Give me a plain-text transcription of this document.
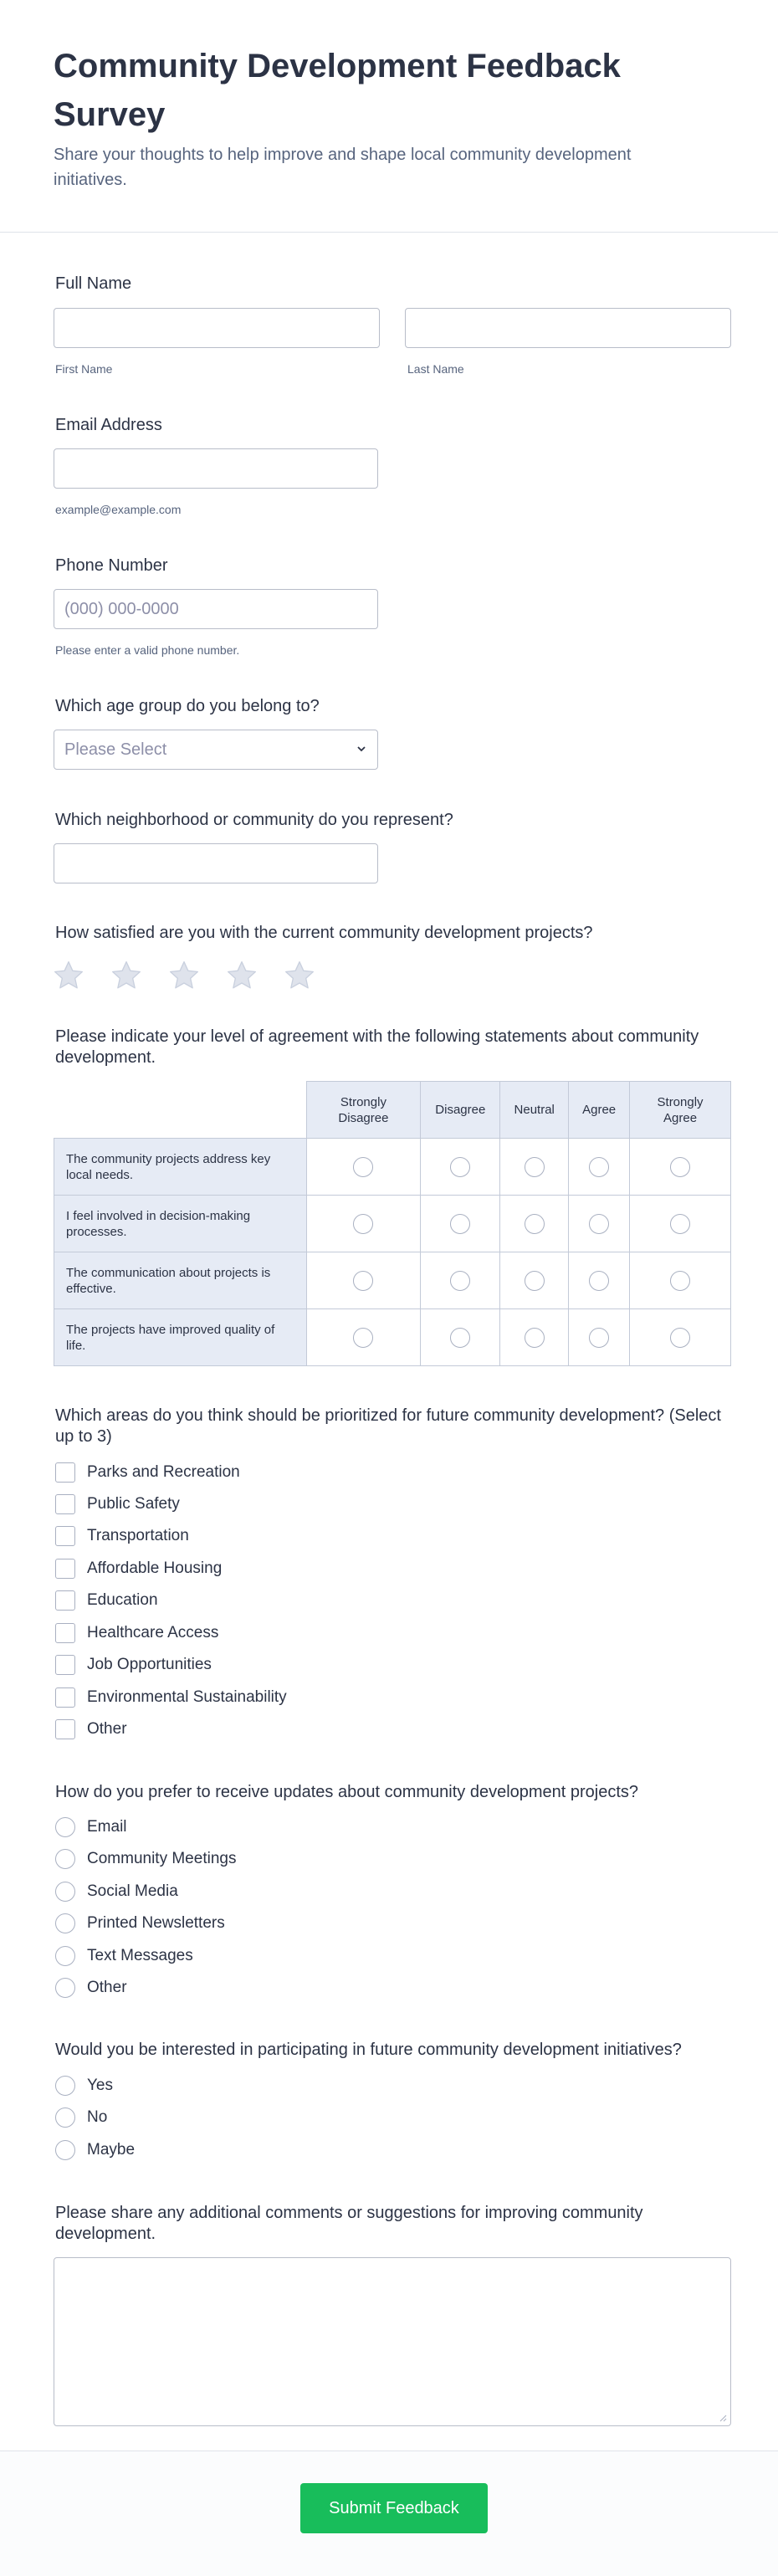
Community Development Feedback Survey

Share your thoughts to help improve and shape local community development initiatives.

Full Name
First Name	Last Name
Email Address
example@example.com
Phone Number
(000) 000-0000
Please enter a valid phone number.
Which age group do you belong to?
Please Select
Which neighborhood or community do you represent?
How satisfied are you with the current community development projects?
Please indicate your level of agreement with the following statements about community development.
	Strongly Disagree	Disagree	Neutral	Agree	Strongly Agree
The community projects address key local needs.					
I feel involved in decision-making processes.					
The communication about projects is effective.					
The projects have improved quality of life.					
Which areas do you think should be prioritized for future community development? (Select up to 3)
Parks and Recreation
Public Safety
Transportation
Affordable Housing
Education
Healthcare Access
Job Opportunities
Environmental Sustainability
Other
How do you prefer to receive updates about community development projects?
Email
Community Meetings
Social Media
Printed Newsletters
Text Messages
Other
Would you be interested in participating in future community development initiatives?
Yes
No
Maybe
Please share any additional comments or suggestions for improving community development.
Submit Feedback
